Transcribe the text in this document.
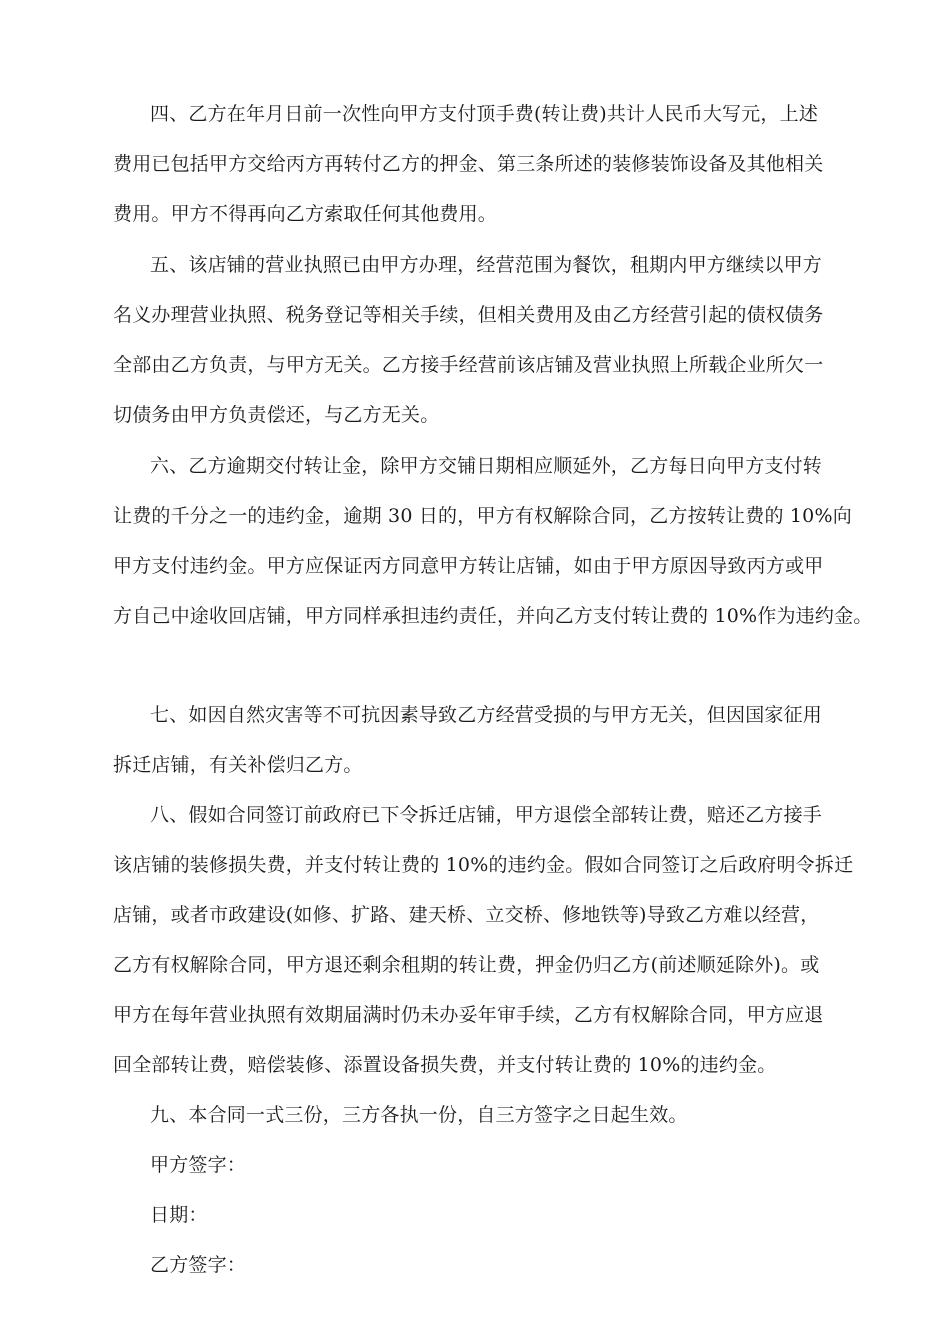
四、乙方在年月日前一次性向甲方支付顶手费(转让费)共计人民币大写元，上述
费用已包括甲方交给丙方再转付乙方的押金、第三条所述的装修装饰设备及其他相关
费用。甲方不得再向乙方索取任何其他费用。
五、该店铺的营业执照已由甲方办理，经营范围为餐饮，租期内甲方继续以甲方
名义办理营业执照、税务登记等相关手续，但相关费用及由乙方经营引起的债权债务
全部由乙方负责，与甲方无关。乙方接手经营前该店铺及营业执照上所载企业所欠一
切债务由甲方负责偿还，与乙方无关。
六、乙方逾期交付转让金，除甲方交铺日期相应顺延外，乙方每日向甲方支付转
让费的千分之一的违约金，逾期 30 日的，甲方有权解除合同，乙方按转让费的 10%向
甲方支付违约金。甲方应保证丙方同意甲方转让店铺，如由于甲方原因导致丙方或甲
方自己中途收回店铺，甲方同样承担违约责任，并向乙方支付转让费的 10%作为违约金。
七、如因自然灾害等不可抗因素导致乙方经营受损的与甲方无关，但因国家征用
拆迁店铺，有关补偿归乙方。
八、假如合同签订前政府已下令拆迁店铺，甲方退偿全部转让费，赔还乙方接手
该店铺的装修损失费，并支付转让费的 10%的违约金。假如合同签订之后政府明令拆迁
店铺，或者市政建设(如修、扩路、建天桥、立交桥、修地铁等)导致乙方难以经营，
乙方有权解除合同，甲方退还剩余租期的转让费，押金仍归乙方(前述顺延除外)。或
甲方在每年营业执照有效期届满时仍未办妥年审手续，乙方有权解除合同，甲方应退
回全部转让费，赔偿装修、添置设备损失费，并支付转让费的 10%的违约金。
九、本合同一式三份，三方各执一份，自三方签字之日起生效。
甲方签字：
日期：
乙方签字：
